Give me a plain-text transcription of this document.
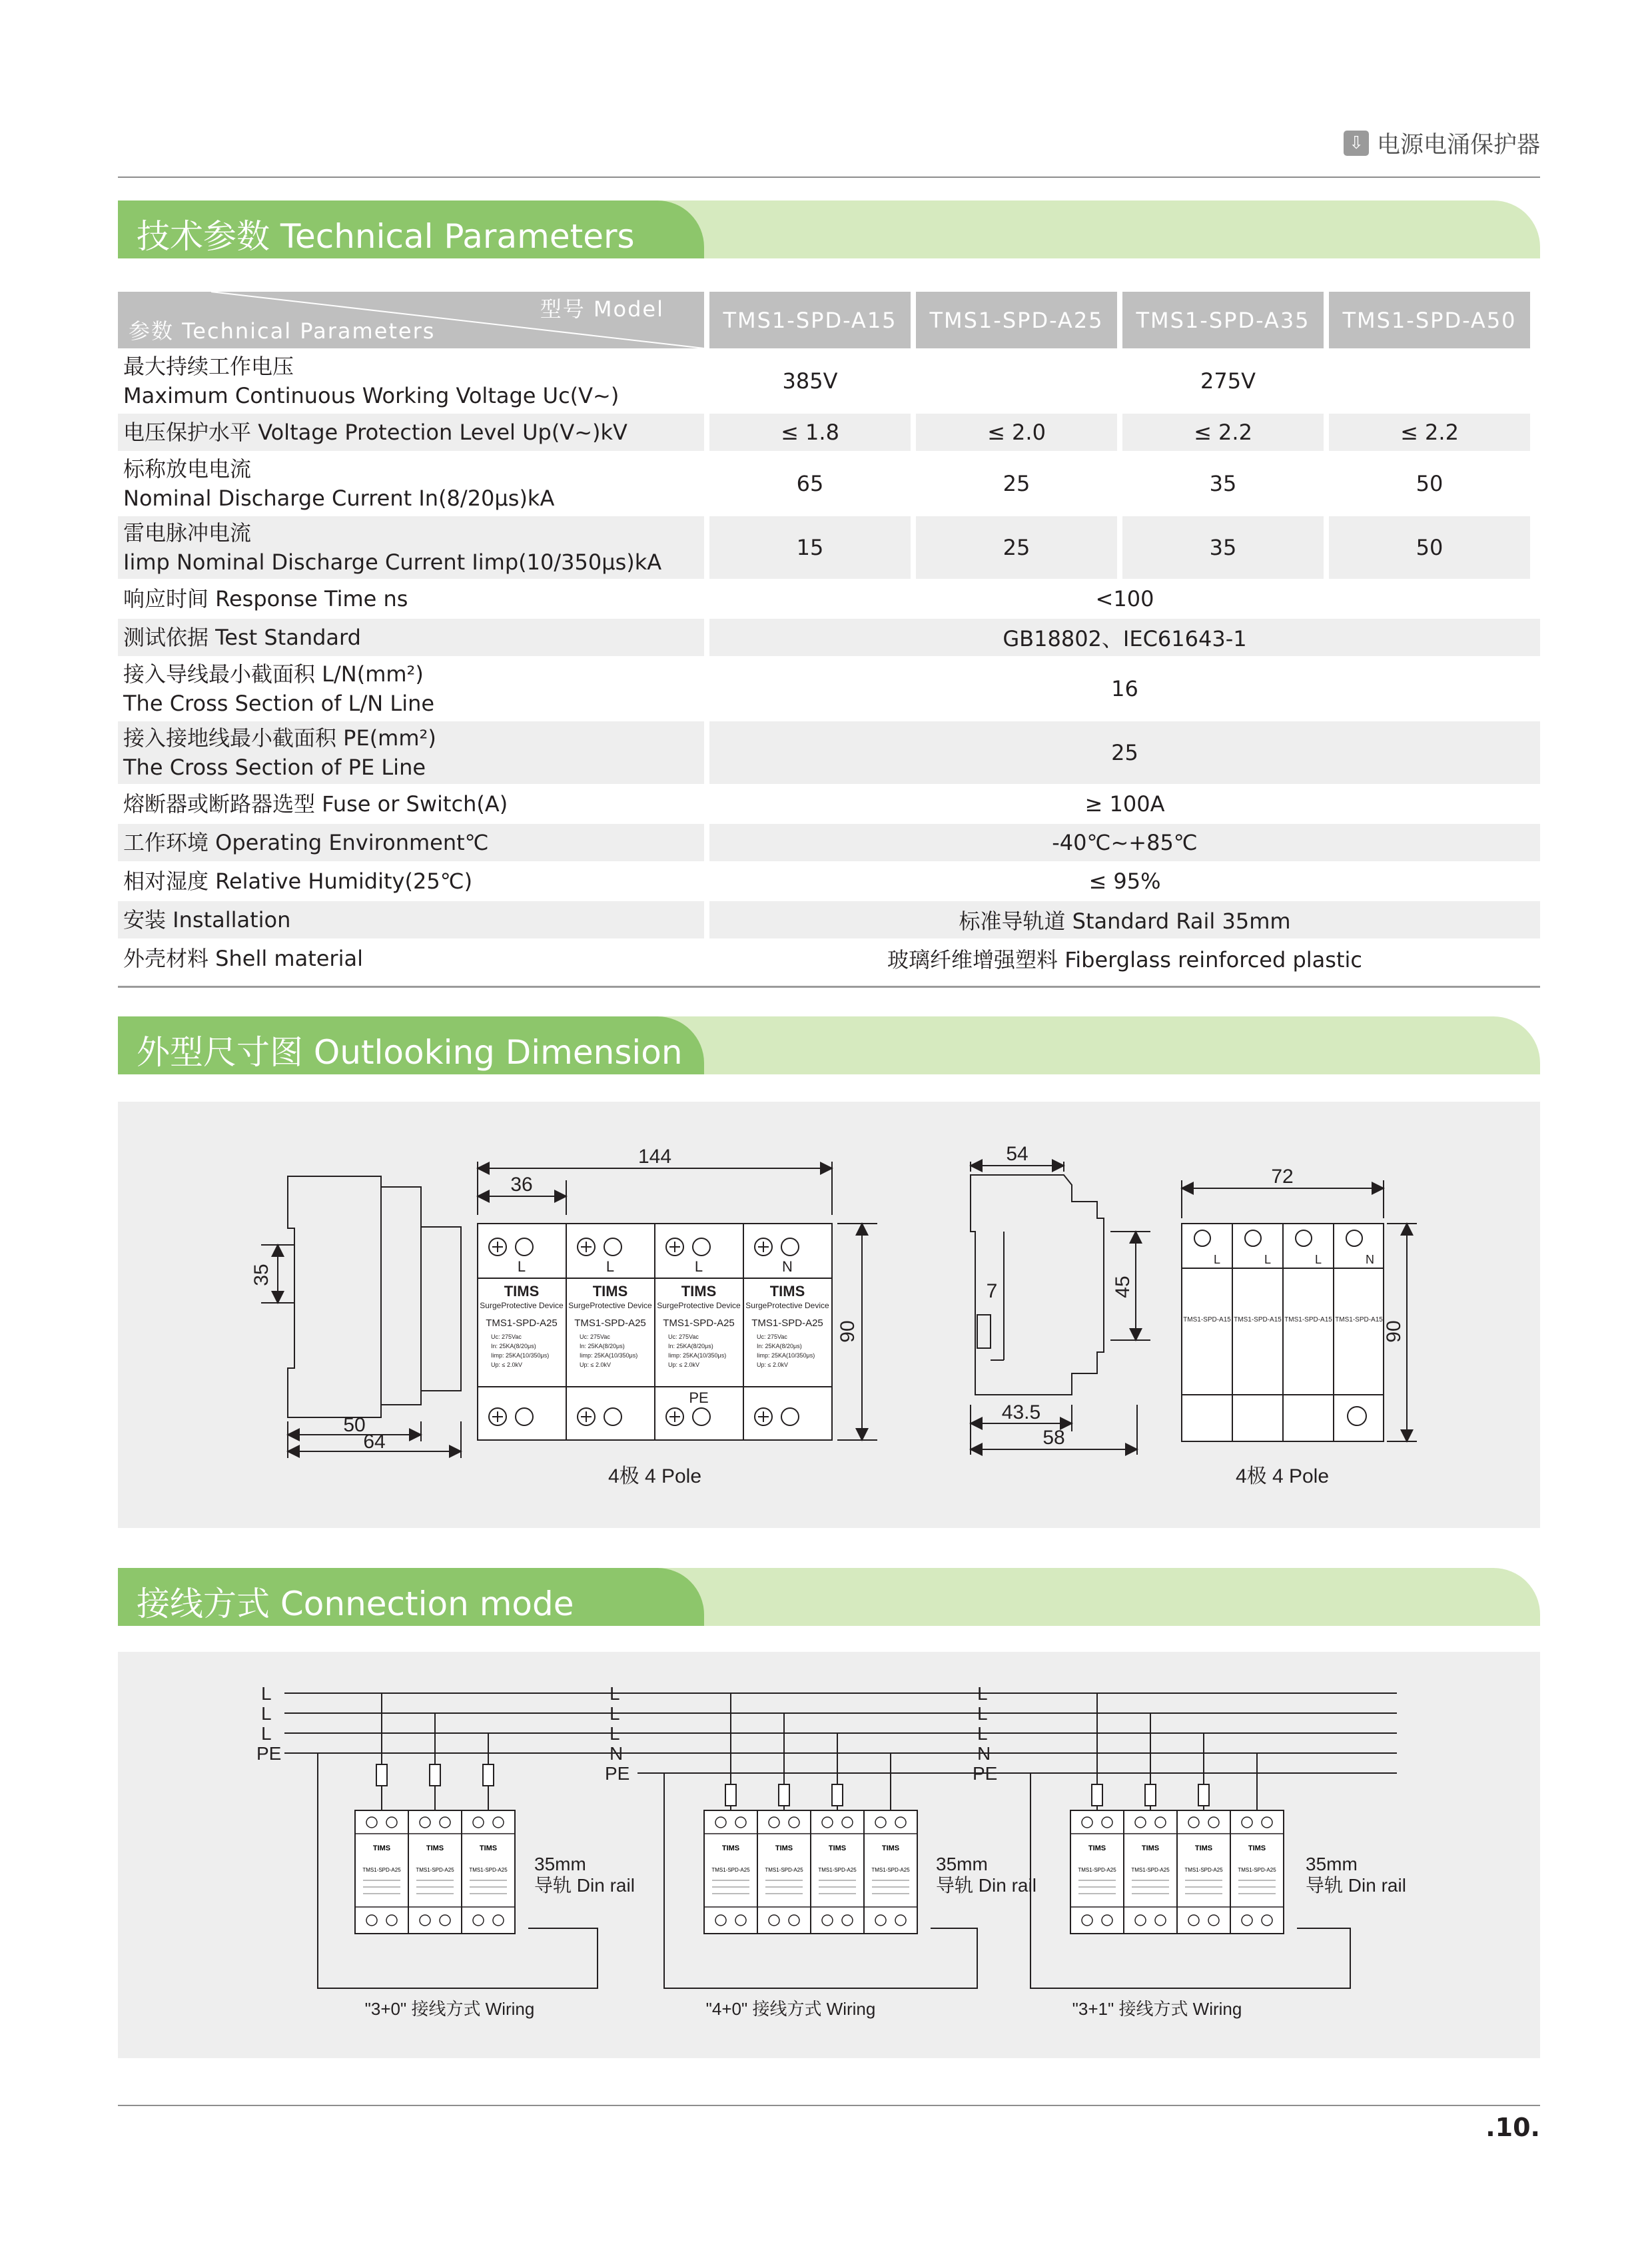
⇩ 电源电涌保护器
技术参数 Technical Parameters
型号 Model
参数 Technical Parameters	TMS1-SPD-A15	TMS1-SPD-A25	TMS1-SPD-A35	TMS1-SPD-A50
最大持续工作电压
Maximum Continuous Working Voltage Uc(V~)
385V	275V
电压保护水平 Voltage Protection Level Up(V~)kV	≤ 1.8	≤ 2.0	≤ 2.2	≤ 2.2
标称放电电流
Nominal Discharge Current In(8/20μs)kA
65	25	35	50
雷电脉冲电流
Iimp Nominal Discharge Current Iimp(10/350μs)kA
15	25	35	50
响应时间 Response Time ns	<100
测试依据 Test Standard	GB18802、IEC61643-1
接入导线最小截面积 L/N(mm²)
The Cross Section of L/N Line
16
接入接地线最小截面积 PE(mm²)
The Cross Section of PE Line
25
熔断器或断路器选型 Fuse or Switch(A)	≥ 100A
工作环境 Operating Environment℃	-40℃~+85℃
相对湿度 Relative Humidity(25℃)	≤ 95%
安装 Installation	标准导轨道 Standard Rail 35mm
外壳材料 Shell material	玻璃纤维增强塑料 Fiberglass reinforced plastic
外型尺寸图 Outlooking Dimension
35
50
64
144
36
90
4极 4 Pole
54
7	45
43.5
58
72
90
4极 4 Pole
L	L	L	N
PE
TIMS	TIMS	TIMS	TIMS
SurgeProtective Device SurgeProtective Device SurgeProtective Device SurgeProtective Device
TMS1-SPD-A25 TMS1-SPD-A25 TMS1-SPD-A25 TMS1-SPD-A25
Uc: 275Vac
In: 25KA(8/20μs)
Iimp: 25KA(10/350μs)
Up: ≤ 2.0kV
Uc: 275Vac
In: 25KA(8/20μs)
Iimp: 25KA(10/350μs)
Up: ≤ 2.0kV
Uc: 275Vac
In: 25KA(8/20μs)
Iimp: 25KA(10/350μs)
Up: ≤ 2.0kV
Uc: 275Vac
In: 25KA(8/20μs)
Iimp: 25KA(10/350μs)
Up: ≤ 2.0kV
L	L	L	N
TMS1-SPD-A15 TMS1-SPD-A15 TMS1-SPD-A15 TMS1-SPD-A15
接线方式 Connection mode
TIMS
TMS1-SPD-A25
L
L
L
PE
L
L
L
N
PE
L
L
L
N
PE
35mm
导轨 Din rail
35mm
导轨 Din rail
35mm
导轨 Din rail
"3+0" 接线方式 Wiring	"4+0" 接线方式 Wiring	"3+1" 接线方式 Wiring
.10.
